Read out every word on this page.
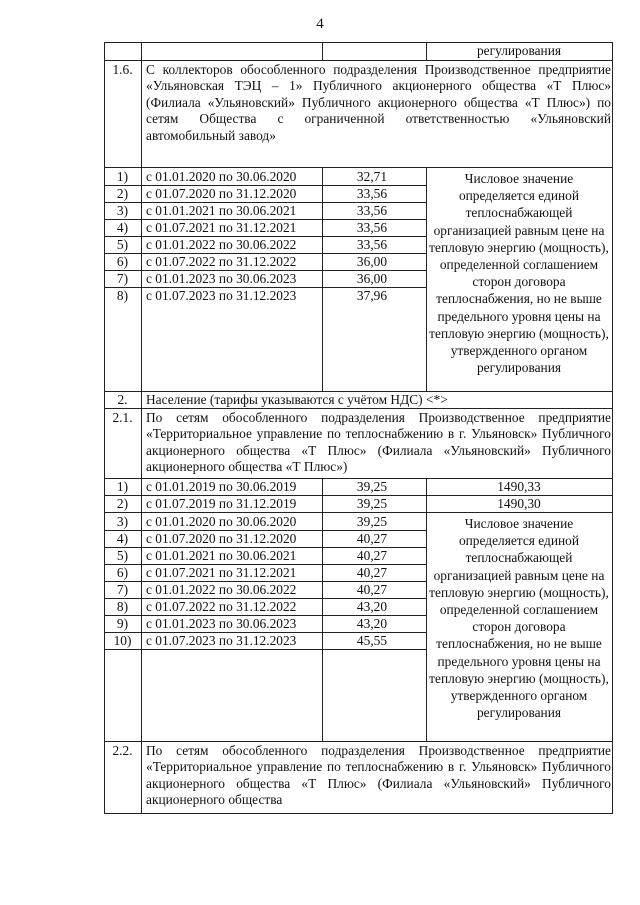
4
регулирования
1.6.	С коллекторов обособленного подразделения Производственное предприятие «Ульяновская ТЭЦ – 1» Публичного акционерного общества «Т Плюс» (Филиала «Ульяновский» Публичного акционерного общества «Т Плюс») по сетям Общества с ограниченной ответственностью «Ульяновский автомобильный завод»
1)	с 01.01.2020 по 30.06.2020	32,71
2)	с 01.07.2020 по 31.12.2020	33,56
3)	с 01.01.2021 по 30.06.2021	33,56
4)	с 01.07.2021 по 31.12.2021	33,56
5)	с 01.01.2022 по 30.06.2022	33,56
6)	с 01.07.2022 по 31.12.2022	36,00
7)	с 01.01.2023 по 30.06.2023	36,00
8)	с 01.07.2023 по 31.12.2023	37,96
Числовое значение определяется единой теплоснабжающей организацией равным цене на тепловую энергию (мощность), определенной соглашением сторон договора теплоснабжения, но не выше предельного уровня цены на тепловую энергию (мощность), утвержденного органом регулирования
2.	Население (тарифы указываются с учётом НДС) <*>
2.1.	По сетям обособленного подразделения Производственное предприятие «Территориальное управление по теплоснабжению в г. Ульяновск» Публичного акционерного общества «Т Плюс» (Филиала «Ульяновский» Публичного акционерного общества «Т Плюс»)
1)	с 01.01.2019 по 30.06.2019	39,25	1490,33
2)	с 01.07.2019 по 31.12.2019	39,25	1490,30
3)	с 01.01.2020 по 30.06.2020	39,25
4)	с 01.07.2020 по 31.12.2020	40,27
5)	с 01.01.2021 по 30.06.2021	40,27
6)	с 01.07.2021 по 31.12.2021	40,27
7)	с 01.01.2022 по 30.06.2022	40,27
8)	с 01.07.2022 по 31.12.2022	43,20
9)	с 01.01.2023 по 30.06.2023	43,20
10)	с 01.07.2023 по 31.12.2023	45,55
Числовое значение определяется единой теплоснабжающей организацией равным цене на тепловую энергию (мощность), определенной соглашением сторон договора теплоснабжения, но не выше предельного уровня цены на тепловую энергию (мощность), утвержденного органом регулирования
2.2.	По сетям обособленного подразделения Производственное предприятие «Территориальное управление по теплоснабжению в г. Ульяновск» Публичного акционерного общества «Т Плюс» (Филиала «Ульяновский» Публичного акционерного общества
